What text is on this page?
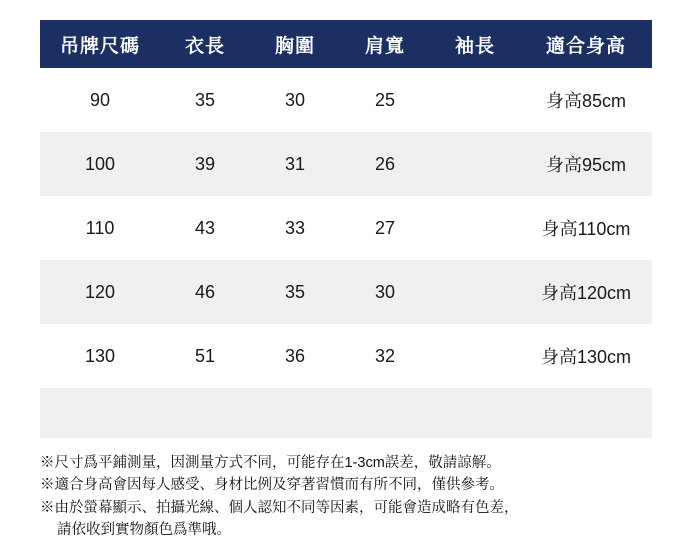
吊牌尺碼	衣長	胸圍	肩寬	袖長	適合身高
90	35	30	25		身高85cm
100	39	31	26		身高95cm
110	43	33	27		身高110cm
120	46	35	30		身高120cm
130	51	36	32		身高130cm

※尺寸爲平鋪測量，因測量方式不同，可能存在1-3cm誤差，敬請諒解。
※適合身高會因每人感受、身材比例及穿著習慣而有所不同，僅供參考。
※由於螢幕顯示、拍攝光線、個人認知不同等因素，可能會造成略有色差，
請依收到實物顏色爲準哦。
